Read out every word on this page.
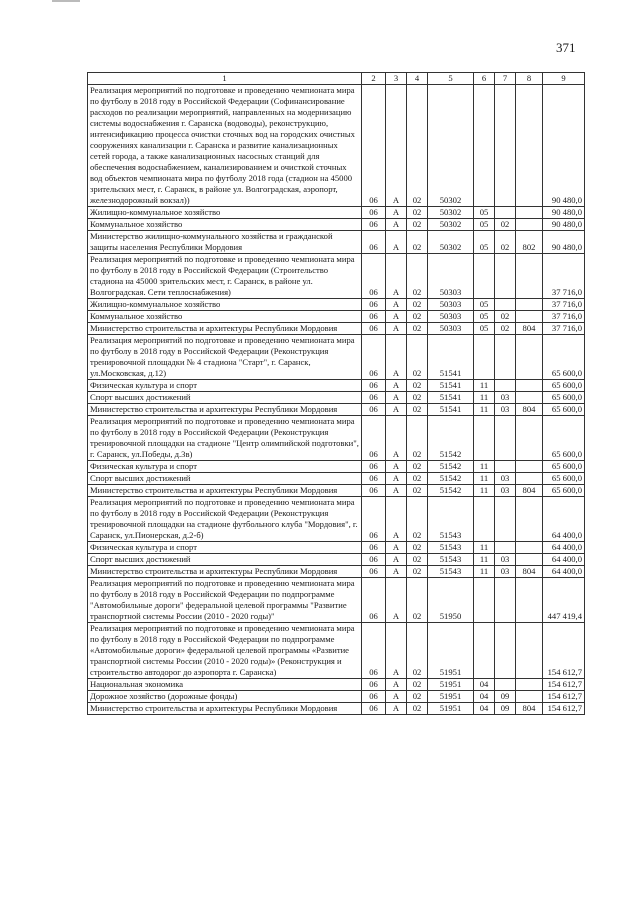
371
1	2	3	4	5	6	7	8	9
Реализация мероприятий по подготовке и проведению чемпионата мира по футболу в 2018 году в Российской Федерации (Софинансирование расходов по реализации мероприятий, направленных на модернизацию системы водоснабжения г. Саранска (водоводы), реконструкцию, интенсификацию процесса очистки сточных вод на городских очистных сооружениях канализации г. Саранска и развитие канализационных сетей города, а также канализационных насосных станций для обеспечения водоснабжением, канализированием и очисткой сточных вод объектов чемпионата мира по футболу 2018 года (стадион на 45000 зрительских мест, г. Саранск, в районе ул. Волгоградская, аэропорт, железнодорожный вокзал))	06	А	02	50302				90 480,0
Жилищно-коммунальное хозяйство	06	А	02	50302	05			90 480,0
Коммунальное хозяйство	06	А	02	50302	05	02		90 480,0
Министерство жилищно-коммунального хозяйства и гражданской защиты населения Республики Мордовия	06	А	02	50302	05	02	802	90 480,0
Реализация мероприятий по подготовке и проведению чемпионата мира по футболу в 2018 году в Российской Федерации (Строительство стадиона на 45000 зрительских мест, г. Саранск, в районе ул. Волгоградская. Сети теплоснабжения)	06	А	02	50303				37 716,0
Жилищно-коммунальное хозяйство	06	А	02	50303	05			37 716,0
Коммунальное хозяйство	06	А	02	50303	05	02		37 716,0
Министерство строительства и архитектуры Республики Мордовия	06	А	02	50303	05	02	804	37 716,0
Реализация мероприятий по подготовке и проведению чемпионата мира по футболу в 2018 году в Российской Федерации (Реконструкция тренировочной площадки № 4 стадиона "Старт", г. Саранск, ул.Московская, д.12)	06	А	02	51541				65 600,0
Физическая культура и спорт	06	А	02	51541	11			65 600,0
Спорт высших достижений	06	А	02	51541	11	03		65 600,0
Министерство строительства и архитектуры Республики Мордовия	06	А	02	51541	11	03	804	65 600,0
Реализация мероприятий по подготовке и проведению чемпионата мира по футболу в 2018 году в Российской Федерации (Реконструкция тренировочной площадки на стадионе "Центр олимпийской подготовки", г. Саранск, ул.Победы, д.3в)	06	А	02	51542				65 600,0
Физическая культура и спорт	06	А	02	51542	11			65 600,0
Спорт высших достижений	06	А	02	51542	11	03		65 600,0
Министерство строительства и архитектуры Республики Мордовия	06	А	02	51542	11	03	804	65 600,0
Реализация мероприятий по подготовке и проведению чемпионата мира по футболу в 2018 году в Российской Федерации (Реконструкция тренировочной площадки на стадионе футбольного клуба "Мордовия", г. Саранск, ул.Пионерская, д.2-б)	06	А	02	51543				64 400,0
Физическая культура и спорт	06	А	02	51543	11			64 400,0
Спорт высших достижений	06	А	02	51543	11	03		64 400,0
Министерство строительства и архитектуры Республики Мордовия	06	А	02	51543	11	03	804	64 400,0
Реализация мероприятий по подготовке и проведению чемпионата мира по футболу в 2018 году в Российской Федерации по подпрограмме "Автомобильные дороги" федеральной целевой программы "Развитие транспортной системы России (2010 - 2020 годы)"	06	А	02	51950				447 419,4
Реализация мероприятий по подготовке и проведению чемпионата мира по футболу в 2018 году в Российской Федерации по подпрограмме «Автомобильные дороги» федеральной целевой программы «Развитие транспортной системы России (2010 - 2020 годы)» (Реконструкция и строительство автодорог до аэропорта г. Саранска)	06	А	02	51951				154 612,7
Национальная экономика	06	А	02	51951	04			154 612,7
Дорожное хозяйство (дорожные фонды)	06	А	02	51951	04	09		154 612,7
Министерство строительства и архитектуры Республики Мордовия	06	А	02	51951	04	09	804	154 612,7
